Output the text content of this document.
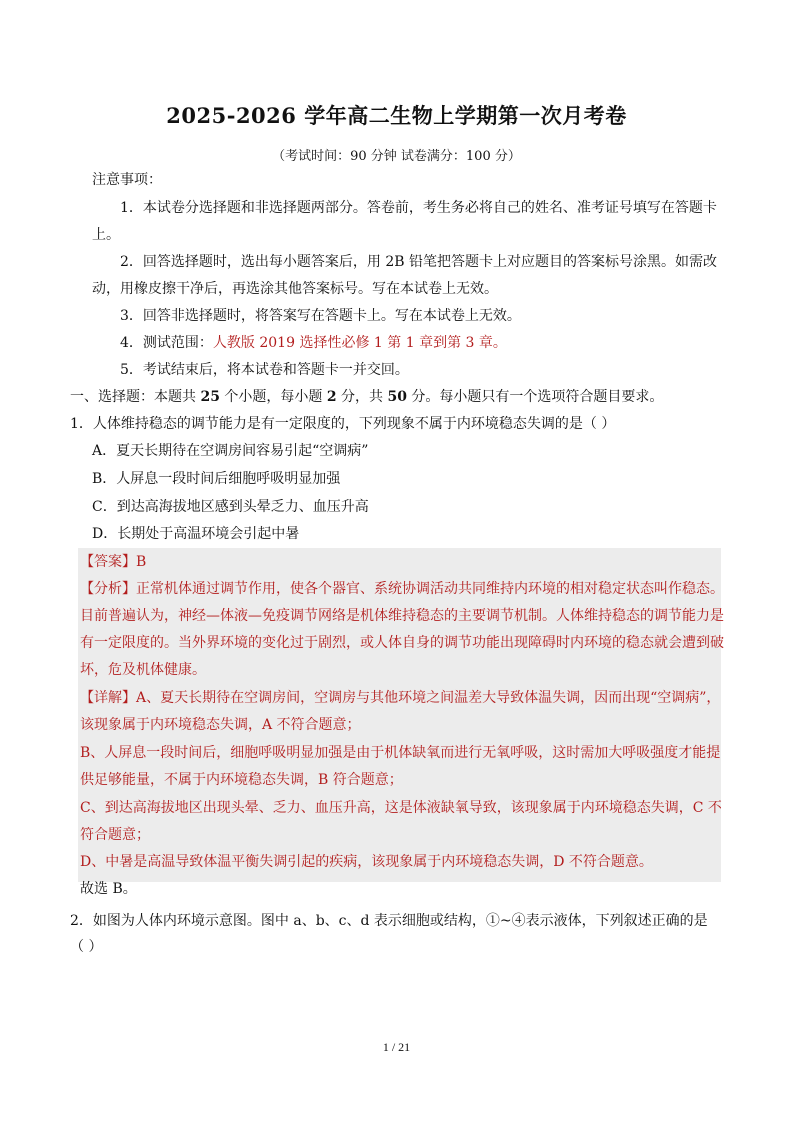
2025-2026 学年高二生物上学期第一次月考卷
（考试时间：90 分钟 试卷满分：100 分）
注意事项：
1．本试卷分选择题和非选择题两部分。答卷前，考生务必将自己的姓名、准考证号填写在答题卡
上。
2．回答选择题时，选出每小题答案后，用 2B 铅笔把答题卡上对应题目的答案标号涂黑。如需改
动，用橡皮擦干净后，再选涂其他答案标号。写在本试卷上无效。
3．回答非选择题时，将答案写在答题卡上。写在本试卷上无效。
4．测试范围：人教版 2019 选择性必修 1 第 1 章到第 3 章。
5．考试结束后，将本试卷和答题卡一并交回。
一、选择题：本题共 25 个小题，每小题 2 分，共 50 分。每小题只有一个选项符合题目要求。
1．人体维持稳态的调节能力是有一定限度的，下列现象不属于内环境稳态失调的是（ ）
A．夏天长期待在空调房间容易引起“空调病”
B．人屏息一段时间后细胞呼吸明显加强
C．到达高海拔地区感到头晕乏力、血压升高
D．长期处于高温环境会引起中暑
【答案】B
【分析】正常机体通过调节作用，使各个器官、系统协调活动共同维持内环境的相对稳定状态叫作稳态。
目前普遍认为，神经—体液—免疫调节网络是机体维持稳态的主要调节机制。人体维持稳态的调节能力是
有一定限度的。当外界环境的变化过于剧烈，或人体自身的调节功能出现障碍时内环境的稳态就会遭到破
坏，危及机体健康。
【详解】A、夏天长期待在空调房间，空调房与其他环境之间温差大导致体温失调，因而出现“空调病”，
该现象属于内环境稳态失调，A 不符合题意；
B、人屏息一段时间后，细胞呼吸明显加强是由于机体缺氧而进行无氧呼吸，这时需加大呼吸强度才能提
供足够能量，不属于内环境稳态失调，B 符合题意；
C、到达高海拔地区出现头晕、乏力、血压升高，这是体液缺氧导致，该现象属于内环境稳态失调，C 不
符合题意；
D、中暑是高温导致体温平衡失调引起的疾病，该现象属于内环境稳态失调，D 不符合题意。
故选 B。
2．如图为人体内环境示意图。图中 a、b、c、d 表示细胞或结构，①~④表示液体，下列叙述正确的是
（ ）
1 / 21
